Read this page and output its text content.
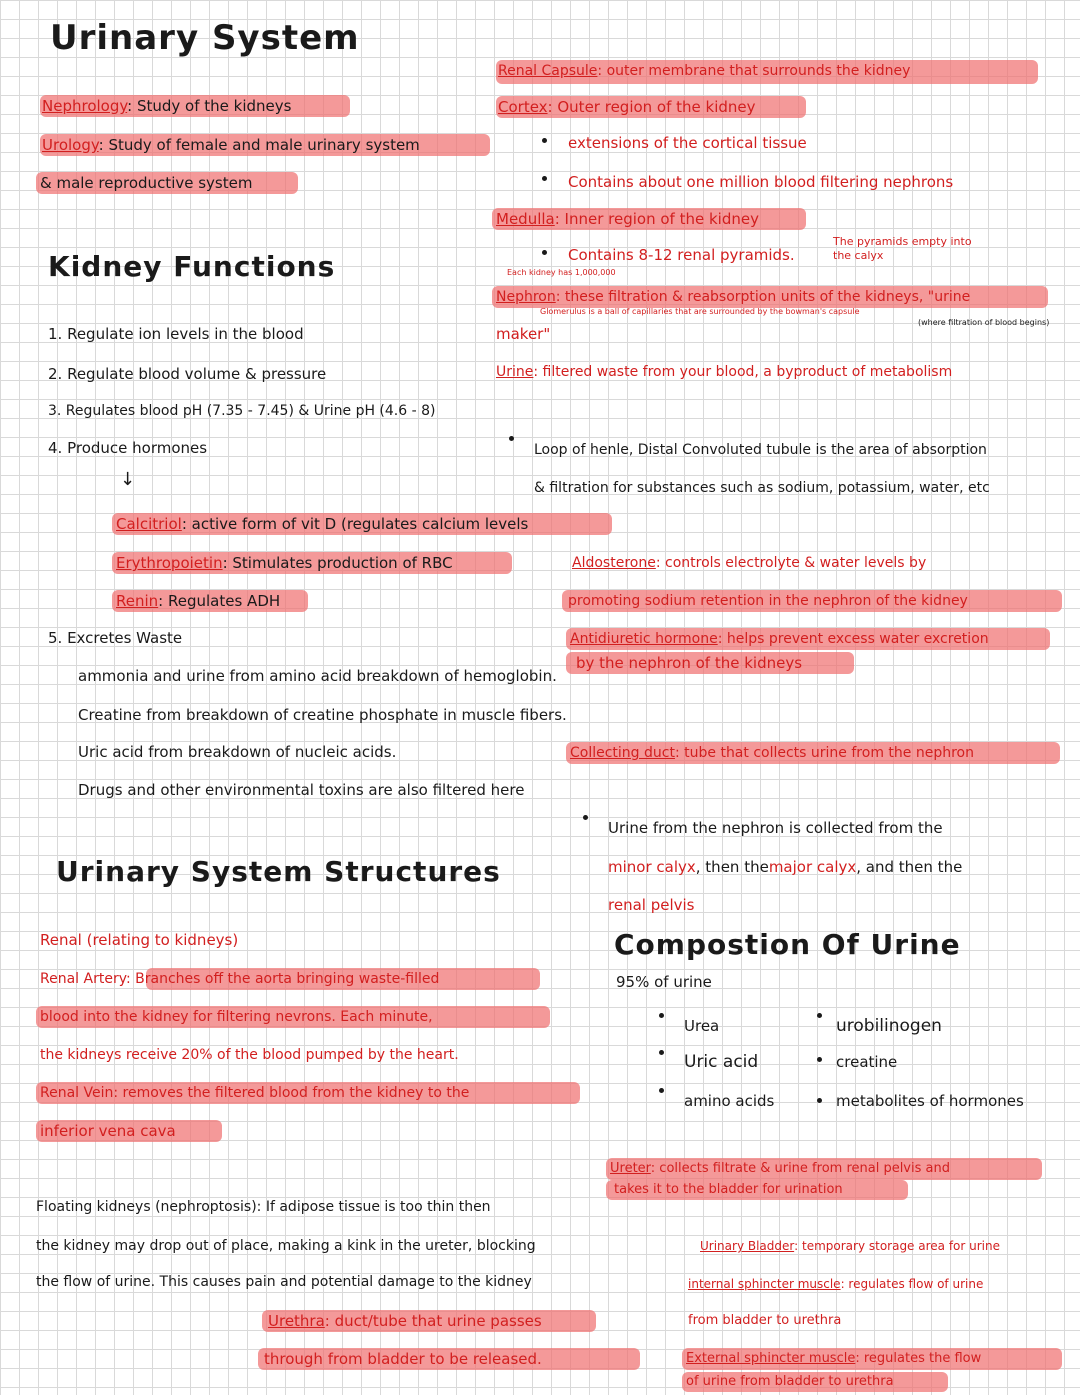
Urinary System
Nephrology: Study of the kidneys
Urology: Study of female and male urinary system
& male reproductive system
Kidney Functions
1. Regulate ion levels in the blood
2. Regulate blood volume & pressure
3. Regulates blood pH (7.35 - 7.45) & Urine pH (4.6 - 8)
4. Produce hormones
↓
Calcitriol: active form of vit D (regulates calcium levels
Erythropoietin: Stimulates production of RBC
Renin: Regulates ADH
5. Excretes Waste
ammonia and urine from amino acid breakdown of hemoglobin.
Creatine from breakdown of creatine phosphate in muscle fibers.
Uric acid from breakdown of nucleic acids.
Drugs and other environmental toxins are also filtered here
Renal Capsule: outer membrane that surrounds the kidney
Cortex: Outer region of the kidney
extensions of the cortical tissue
Contains about one million blood filtering nephrons
Medulla: Inner region of the kidney
Contains 8-12 renal pyramids.
The pyramids empty into
the calyx
Each kidney has 1,000,000
Nephron: these filtration & reabsorption units of the kidneys, "urine
Glomerulus is a ball of capillaries that are surrounded by the bowman's capsule
(where filtration of blood begins)
maker"
Urine: filtered waste from your blood, a byproduct of metabolism
Loop of henle, Distal Convoluted tubule is the area of absorption
& filtration for substances such as sodium, potassium, water, etc
Aldosterone: controls electrolyte & water levels by
promoting sodium retention in the nephron of the kidney
Antidiuretic hormone: helps prevent excess water excretion
by the nephron of the kidneys
Collecting duct: tube that collects urine from the nephron
Urine from the nephron is collected from the
minor calyx, then themajor calyx, and then the
renal pelvis
Compostion Of Urine
95% of urine
Urea
Uric acid
amino acids
urobilinogen
creatine
metabolites of hormones
Urinary System Structures
Renal (relating to kidneys)
Renal Artery: Branches off the aorta bringing waste-filled
blood into the kidney for filtering nevrons. Each minute,
the kidneys receive 20% of the blood pumped by the heart.
Renal Vein: removes the filtered blood from the kidney to the
inferior vena cava
Ureter: collects filtrate & urine from renal pelvis and
takes it to the bladder for urination
Floating kidneys (nephroptosis): If adipose tissue is too thin then
the kidney may drop out of place, making a kink in the ureter, blocking
the flow of urine. This causes pain and potential damage to the kidney
Urinary Bladder: temporary storage area for urine
internal sphincter muscle: regulates flow of urine
from bladder to urethra
External sphincter muscle: regulates the flow
of urine from bladder to urethra
Urethra: duct/tube that urine passes
through from bladder to be released.
